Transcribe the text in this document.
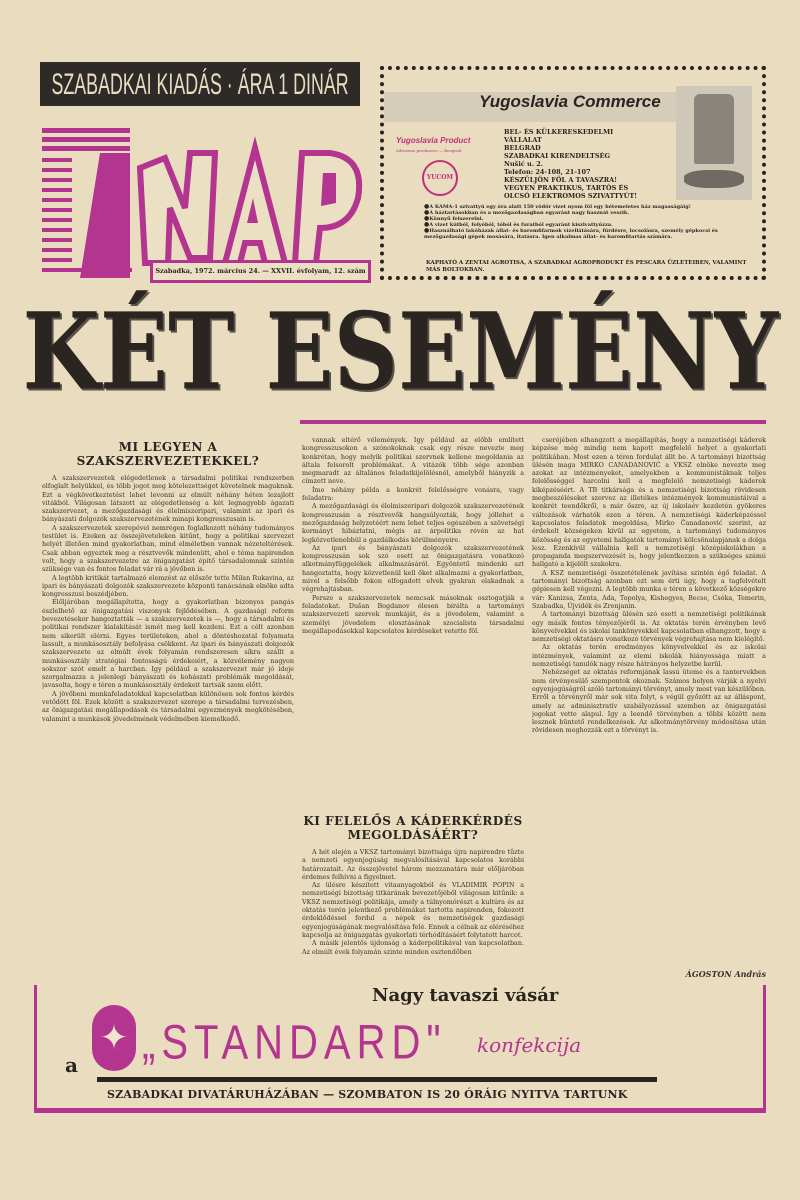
SZABADKAI KIADÁS · ÁRA 1 DINÁR
Szabadka, 1972. március 24. — XXVII. évfolyam, 12. szám
Yugoslavia Commerce
Yugoslavia Product
Zdruzeno preduzece — Beograd
YUCOM
BEL- ÉS KÜLKERESKEDELMI
VÁLLALAT
BELGRAD
SZABADKAI KIRENDELTSÉG
Nušić u. 2.
Telefon: 24-108, 21-107
KÉSZÜLJÖN FÖL A TAVASZRA!
VEGYEN PRAKTIKUS, TARTÓS ÉS
OLCSÓ ELEKTROMOS SZIVATTYÚT!
● A KAMA-1 szivattyú egy óra alatt 150 vödör vizet nyom föl egy hétemeletes ház magasságáig!
● A háztartásokban és a mezőgazdaságban egyaránt nagy hasznát veszik.
● Könnyű felszerelni.
● A vizet kútból, folyóból, tóból és furatból egyaránt kiszivattyúzza.
● Használható lakóházak állat- és baromfifarmok vízellátására, fürdésre, locsolásra, személy gépkocsi és mezőgazdasági gépek mosására, itatásra. Igen alkalmas állat- és baromfitartás számára.
KAPHATÓ A ZENTAI AGROTISA, A SZABADKAI AGROPRODUKT ÉS PESCARA ÜZLETEIBEN, VALAMINT MÁS BOLTOKBAN.
KÉT ESEMÉNY
MI LEGYEN A SZAKSZERVEZETEKKEL?

A szakszervezetek elégedetlenek a társadalmi politikai rendszerben elfoglalt helyükkel, és több jogot meg kötelezettséget követelnek maguknak. Ezt a végkövetkeztetést lehet levonni az elmúlt néhány héten lezajlott vitákból. Világosan látszott az elégedetlenség a két legnagyobb ágazati szakszervezet, a mezőgazdasági és élelmiszeripari, valamint az ipari és bányászati dolgozók szakszervezetének minapi kongresszusain is.

A szakszervezetek szerepével nemrégen foglalkozott néhány tudományos testület is. Ezeken az összejöveteleken kitűnt, hogy a politikai szervezet helyét illetően mind gyakorlatban, mind elméletben vannak nézeteltérések. Csak abban egyeztek meg a résztvevők mindenütt, ahol e téma napirenden volt, hogy a szakszervezetre az önigazgatást építő társadalomnak szintén szüksége van és fontos feladat vár rá a jövőben is.

A legtöbb kritikát tartalmazó elemzést az először tette Milan Rukavina, az ipari és bányászati dolgozók szakszervezete központi tanácsának elnöke adta kongresszusi beszédjében.

Előljáróban megállapította, hogy a gyakorlatban bizonyos pangás észlelhető az önigazgatási viszonyok fejlődésében. A gazdasági reform bevezetésekor hangoztatták — a szakszervezetek is —, hogy a társadalmi és politikai rendszer kialakítását ismét meg kell kezdeni. Ezt a célt azonban nem sikerült elérni. Egyes területeken, ahol a döntéshozatal folyamata lassult, a munkásosztály befolyása csökkent. Az ipari és bányászati dolgozók szakszervezete az elmúlt évek folyamán rendszeresen síkra szállt a munkásosztály stratégiai fontosságú érdekeiért, a közvélemény nagyon sokszor szót emelt a harcban. Igy például a szakszervezet már jó ideje szorgalmazza a jelenlegi bányászati és kohászati problémák megoldását, javasolta, hogy e téren a munkásosztály érdekeit tartsák szem előtt.

A jövőbeni munkafeladatokkal kapcsolatban különösen sok fontos kérdés vetődött föl. Ezek között a szakszervezet szerepe a társadalmi tervezésben, az önigazgatási megállapodások és társadalmi egyezmények megkötésében, valamint a munkások jövedelmének védelmében kiemelkedő.

vannak eltérő vélemények. Igy például az előbb említett kongresszusokon a szónokoknak csak egy része nevezte meg konkrétan, hogy melyik politikai szervnek kellene megoldania az általa felsorolt problémákat. A vitázók több sége azonban megmaradt az általános feladatkijelölésnél, amelyből hiányzik a címzett neve.

Íme néhány példa a konkrét felelősségre vonásra, vagy feladatra:

A mezőgazdasági és élelmiszeripari dolgozók szakszervezetének kongresszusán a résztvevők hangsúlyozták, hogy jóllehet a mezőgazdaság helyzetéért nem lehet teljes egészében a szövetségi kormányt hibáztatni, mégis az árpolitika révén az hat legközvetlenebbül a gazdálkodás körülményeire.

Az ipari és bányászati dolgozók szakszervezetének kongresszusán sok szó esett az önigazgatásra vonatkozó alkotmányfüggelékek alkalmazásáról. Egyöntetű mindenki azt hangoztatta, hogy közvetlenül kell őket alkalmazni a gyakorlatban, mivel a felsőbb fokon elfogadott elvek gyakran elakadnak a végrehajtásban.

Persze a szakszervezetek nemcsak másoknak osztogatják a feladatokat. Dušan Bogdanov élesen bírálta a tartományi szakszervezeti szervek munkáját, és a jövedelem, valamint a személyi jövedelem elosztásának szocialista társadalmi megállapodásokkal kapcsolatos kérdéseket vetette föl.

KI FELELŐS A KÁDERKÉRDÉS MEGOLDÁSÁÉRT?

A hét elején a VKSZ tartományi bizottsága újra napirendre tűzte a nemzeti egyenjogúság megvalósításával kapcsolatos korábbi határozatait. Az összejövetel három mozzanatára már előljáróban érdemes felhívni a figyelmet.

Az ülésre készített vitaanyagokból és VLADIMIR POPIN a nemzetiségi bizottság titkárának bevezetőjéből világosan kitűnik: a VKSZ nemzetiségi politikája, amely a túlnyomórészt a kultúra és az oktatás terén jelentkező problémákat tartotta napirenden, fokozott érdeklődéssel fordul a népek és nemzetiségek gazdasági egyenjogúságának megvalósítása felé. Ennek a célnak az eléréséhez kapcsolja az önigazgatás gyakorlati térhódításáért folytatott harcot.

A másik jelentős újdonság a káderpolitikával van kapcsolatban. Az elmúlt évek folyamán szinte minden esztendőben

cseréjében elhangzott a megállapítás, hogy a nemzetiségi káderek képzése még mindig nem kapott megfelelő helyet a gyakorlati politikában. Most ezen a téren fordulat állt be. A tartományi bizottság ülésén maga MIRKO CANADANOVIĆ a VKSZ elnöke nevezte meg azokat az intézményeket, amelyekben a kommunistáknak teljes felelősséggel harcolni kell a megfelelő nemzetiségi káderek kiképzéséért. A TB titkársága és a nemzetiségi bizottság rövidesen megbeszéléseket szervez az illetékes intézmények kommunistáival a konkrét teendőkről, s már őszre, az új iskolaév kezdetén gyökeres változások várhatók ezen a téren. A nemzetiségi káderképzéssel kapcsolatos feladatok megoldása, Mirko Čanadanović szerint, az érdekelt községeken kívül az egyetem, a tartományi tudományos közösség és az egyetemi hallgatók tartományi kölcsönalapjának a dolga lesz. Ezenkívül vállalnia kell a nemzetiségi középiskolákban a propaganda megszervezését is, hogy jelentkezzen a szükséges számú hallgató a kijelölt szakokra.

A KSZ nemzetiségi összetételének javítása szintén égő feladat. A tartományi bizottság azonban ezt sem érti úgy, hogy a tagfelvételt gépiesen kell végezni. A legtöbb munka e téren a következő községekre vár: Kanizsa, Zenta, Ada, Topolya, Kishegyes, Becse, Csóka, Temerin, Szabadka, Újvidék és Zrenjanin.

A tartományi bizottság ülésén szó esett a nemzetiségi politikának egy másik fontos tényezőjéről is. Az oktatás terén érvényben levő könyvelvekkel és iskolai tankönyvekkel kapcsolatban elhangzott, hogy a nemzetiségi oktatásra vonatkozó törvények végrehajtása nem kielégítő.

Az oktatás terén eredményes könyvelvekkel és az iskolai intézmények, valamint az elemi iskolák hiányossága miatt a nemzetiségi tanulók nagy része hátrányos helyzetbe kerül.

Nehézséget az oktatás reformjának lassú üteme és a tantervekben nem érvényesülő szempontok okoznak. Számos helyen várják a nyelvi egyenjogúságról szóló tartományi törvényt, amely most van készülőben. Erről a törvényről már sok vita folyt, s végül győzött az az álláspont, amely az adminisztratív szabályozással szemben az önigazgatási jogokat vette alapul. Igy a leendő törvényben a többi között nem lesznek büntető rendelkezések. Az alkotmánytörvény módosítása után rövidesen meghozzák ezt a törvényt is.

ÁGOSTON András
Nagy tavaszi vásár
✦ „STANDARD" konfekcija
a
SZABADKAI DIVATÁRUHÁZÁBAN — SZOMBATON IS 20 ÓRÁIG NYITVA TARTUNK
